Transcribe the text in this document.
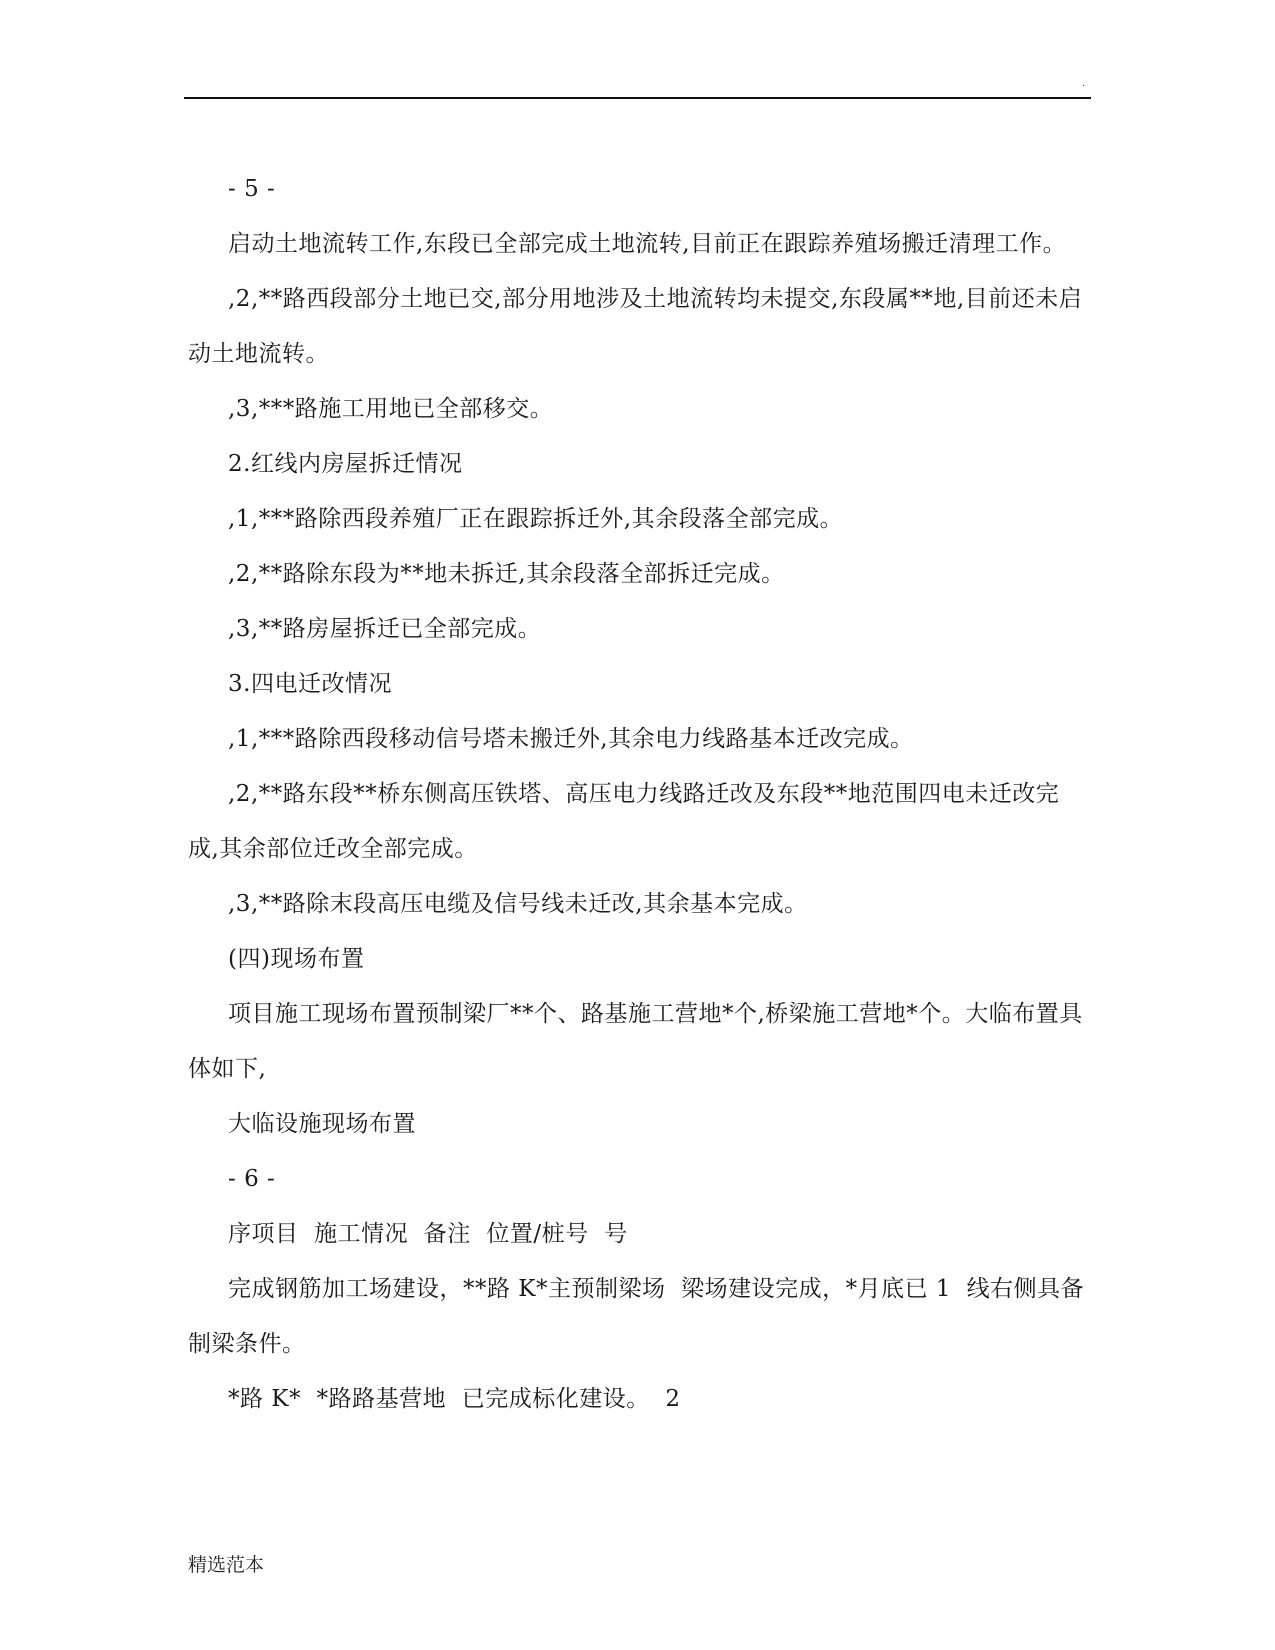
.

- 5 -

启动土地流转工作,东段已全部完成土地流转,目前正在跟踪养殖场搬迁清理工作。

,2,**路西段部分土地已交,部分用地涉及土地流转均未提交,东段属**地,目前还未启动土地流转。

,3,***路施工用地已全部移交。

2.红线内房屋拆迁情况

,1,***路除西段养殖厂正在跟踪拆迁外,其余段落全部完成。

,2,**路除东段为**地未拆迁,其余段落全部拆迁完成。

,3,**路房屋拆迁已全部完成。

3.四电迁改情况

,1,***路除西段移动信号塔未搬迁外,其余电力线路基本迁改完成。

,2,**路东段**桥东侧高压铁塔、高压电力线路迁改及东段**地范围四电未迁改完成,其余部位迁改全部完成。

,3,**路除末段高压电缆及信号线未迁改,其余基本完成。

(四)现场布置

项目施工现场布置预制梁厂**个、路基施工营地*个,桥梁施工营地*个。大临布置具体如下,

大临设施现场布置

- 6 -

序项目  施工情况  备注  位置/桩号  号

完成钢筋加工场建设，**路 K*主预制梁场  梁场建设完成，*月底已 1  线右侧具备制梁条件。

*路 K*  *路路基营地  已完成标化建设。  2

精选范本
